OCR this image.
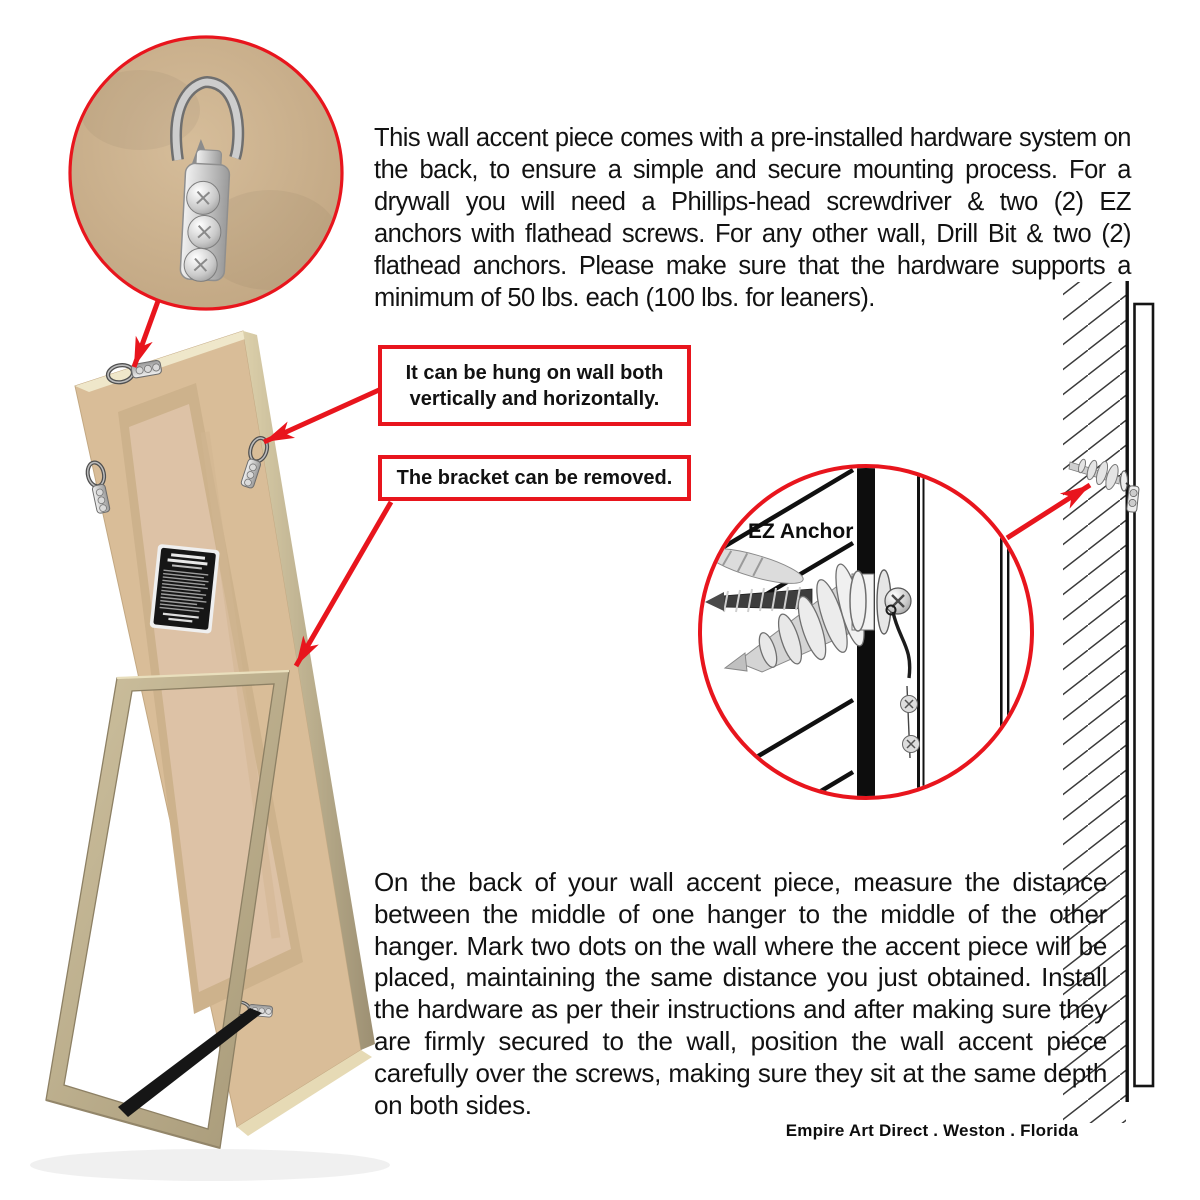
This wall accent piece comes with a pre-installed hardware system on the back, to ensure a simple and secure mounting process. For a drywall you will need a Phillips-head screwdriver & two (2) EZ anchors with flathead screws. For any other wall, Drill Bit & two (2) flathead anchors. Please make sure that the hardware supports a minimum of 50 lbs. each (100 lbs. for leaners).

It can be hung on wall both vertically and horizontally.
The bracket can be removed.
EZ Anchor

On the back of your wall accent piece, measure the distance between the middle of one hanger to the middle of the other hanger. Mark two dots on the wall where the accent piece will be placed, maintaining the same distance you just obtained. Install the hardware as per their instructions and after making sure they are firmly secured to the wall, position the wall accent piece carefully over the screws, making sure they sit at the same depth on both sides.

Empire Art Direct . Weston . Florida
